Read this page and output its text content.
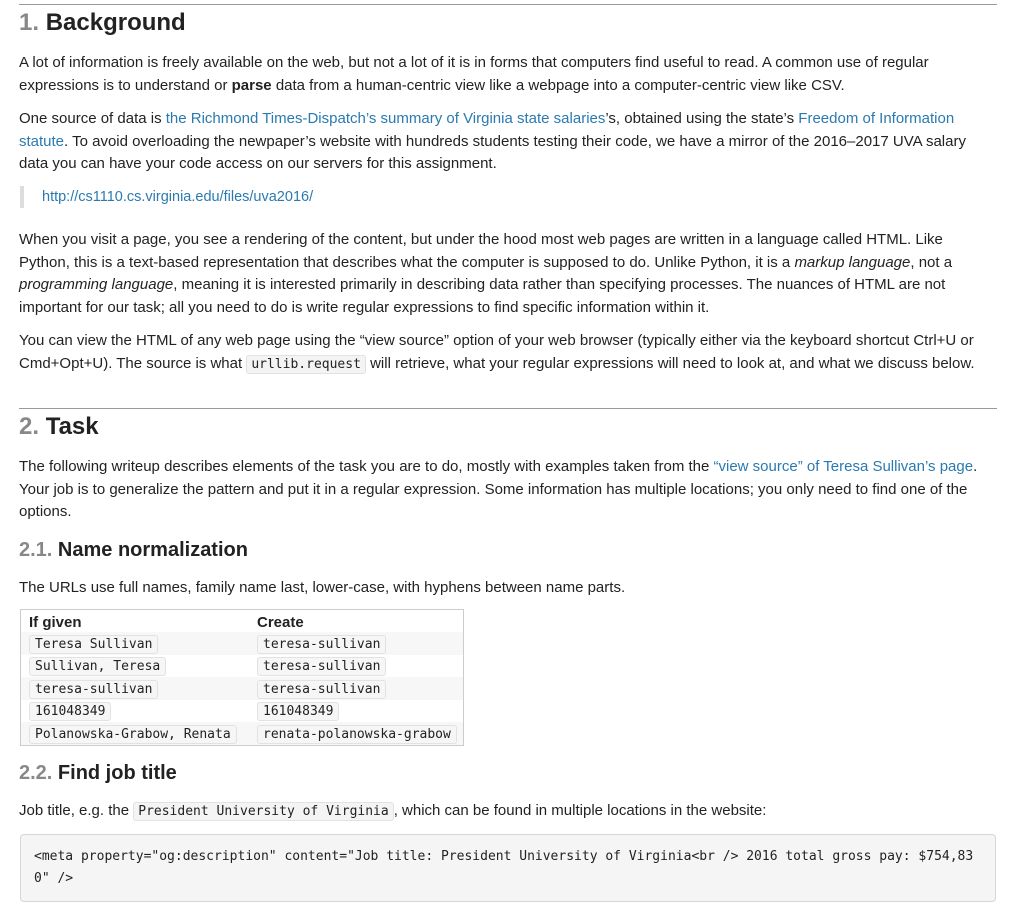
1. Background

A lot of information is freely available on the web, but not a lot of it is in forms that computers find useful to read. A common use of regular expressions is to understand or parse data from a human-centric view like a webpage into a computer-centric view like CSV.

One source of data is the Richmond Times-Dispatch’s summary of Virginia state salaries’s, obtained using the state’s Freedom of Information statute. To avoid overloading the newpaper’s website with hundreds students testing their code, we have a mirror of the 2016–2017 UVA salary data you can have your code access on our servers for this assignment.

http://cs1110.cs.virginia.edu/files/uva2016/

When you visit a page, you see a rendering of the content, but under the hood most web pages are written in a language called HTML. Like Python, this is a text-based representation that describes what the computer is supposed to do. Unlike Python, it is a markup language, not a programming language, meaning it is interested primarily in describing data rather than specifying processes. The nuances of HTML are not important for our task; all you need to do is write regular expressions to find specific information within it.

You can view the HTML of any web page using the “view source” option of your web browser (typically either via the keyboard shortcut Ctrl+U or Cmd+Opt+U). The source is what urllib.request will retrieve, what your regular expressions will need to look at, and what we discuss below.

2. Task

The following writeup describes elements of the task you are to do, mostly with examples taken from the “view source” of Teresa Sullivan’s page. Your job is to generalize the pattern and put it in a regular expression. Some information has multiple locations; you only need to find one of the options.

2.1. Name normalization

The URLs use full names, family name last, lower-case, with hyphens between name parts.

If given	Create
Teresa Sullivan	teresa-sullivan
Sullivan, Teresa	teresa-sullivan
teresa-sullivan	teresa-sullivan
161048349	161048349
Polanowska-Grabow, Renata	renata-polanowska-grabow
2.2. Find job title

Job title, e.g. the President University of Virginia , which can be found in multiple locations in the website:

<meta property="og:description" content="Job title: President University of Virginia<br /> 2016 total gross pay: $754,830" />
